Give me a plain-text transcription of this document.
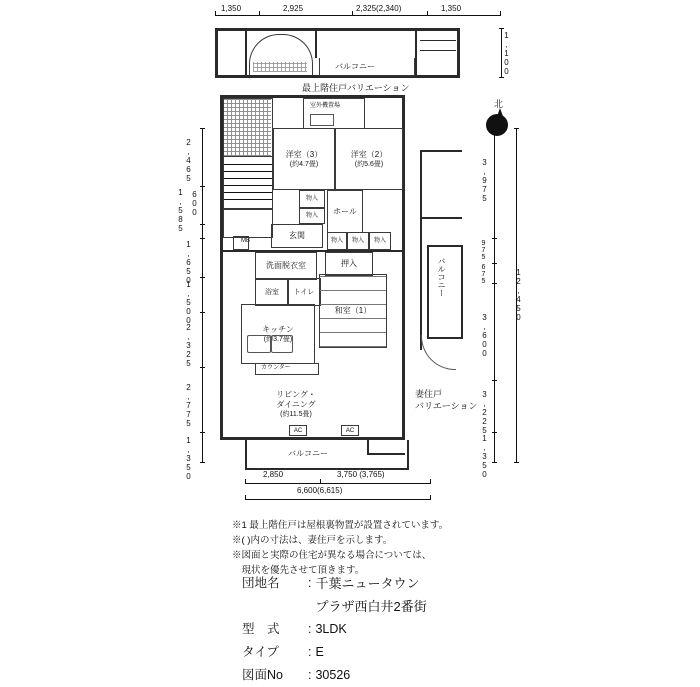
1,350	2,925	2,325(2,340)	1,350
バルコニー
最上階住戸バリエーション
1,100
北
2,465
1,585 600
1,650
1,500
2,325
2,775
1,350
3,975
975
675
3,600
3,225
1,350
12,450
MB
室外機置場
洋室（3）
(約4.7畳)
洋室（2）
(約5.6畳)
物入
ホール
物入 物入 物入
物入
玄関
洗面脱衣室	押入
浴室 トイレ
和室（1）
キッチン
(約3.7畳)
カウンター
リビング・
ダイニング
(約11.5畳)
AC	AC
バルコニー
バルコニー
妻住戸
バリエーション
2,850	3,750 (3,765)
6,600(6,615)
※1 最上階住戸は屋根裏物置が設置されています。
※( )内の寸法は、妻住戸を示します。
※図面と実際の住宅が異なる場合については、
　現状を優先させて頂きます。
団地名	:	千葉ニュータウン
		プラザ西白井2番街
型　式	:	3LDK
タイプ	:	E
図面No	:	30526
